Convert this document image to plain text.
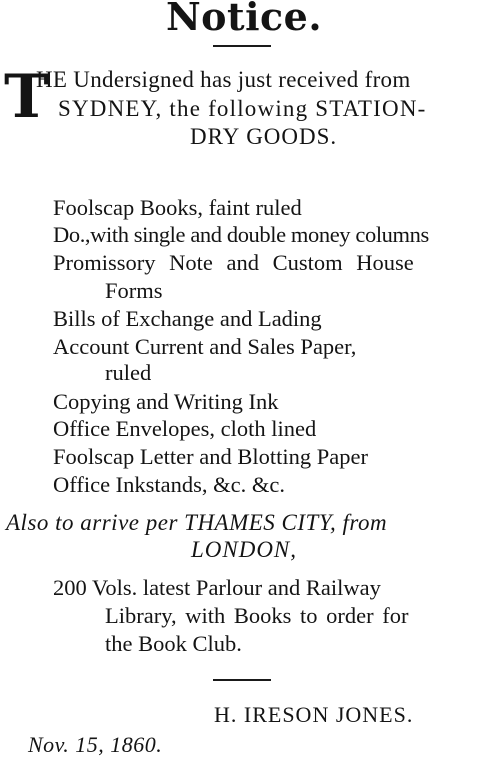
Notice.
T
HE Undersigned has just received from
SYDNEY, the following STATION-
DRY GOODS.
Foolscap Books, faint ruled
Do.,with single and double money columns
Promissory Note and Custom House
Forms
Bills of Exchange and Lading
Account Current and Sales Paper,
ruled
Copying and Writing Ink
Office Envelopes, cloth lined
Foolscap Letter and Blotting Paper
Office Inkstands, &c. &c.
Also to arrive per THAMES CITY, from
LONDON,
200 Vols. latest Parlour and Railway
Library, with Books to order for
the Book Club.
H. IRESON JONES.
Nov. 15, 1860.
